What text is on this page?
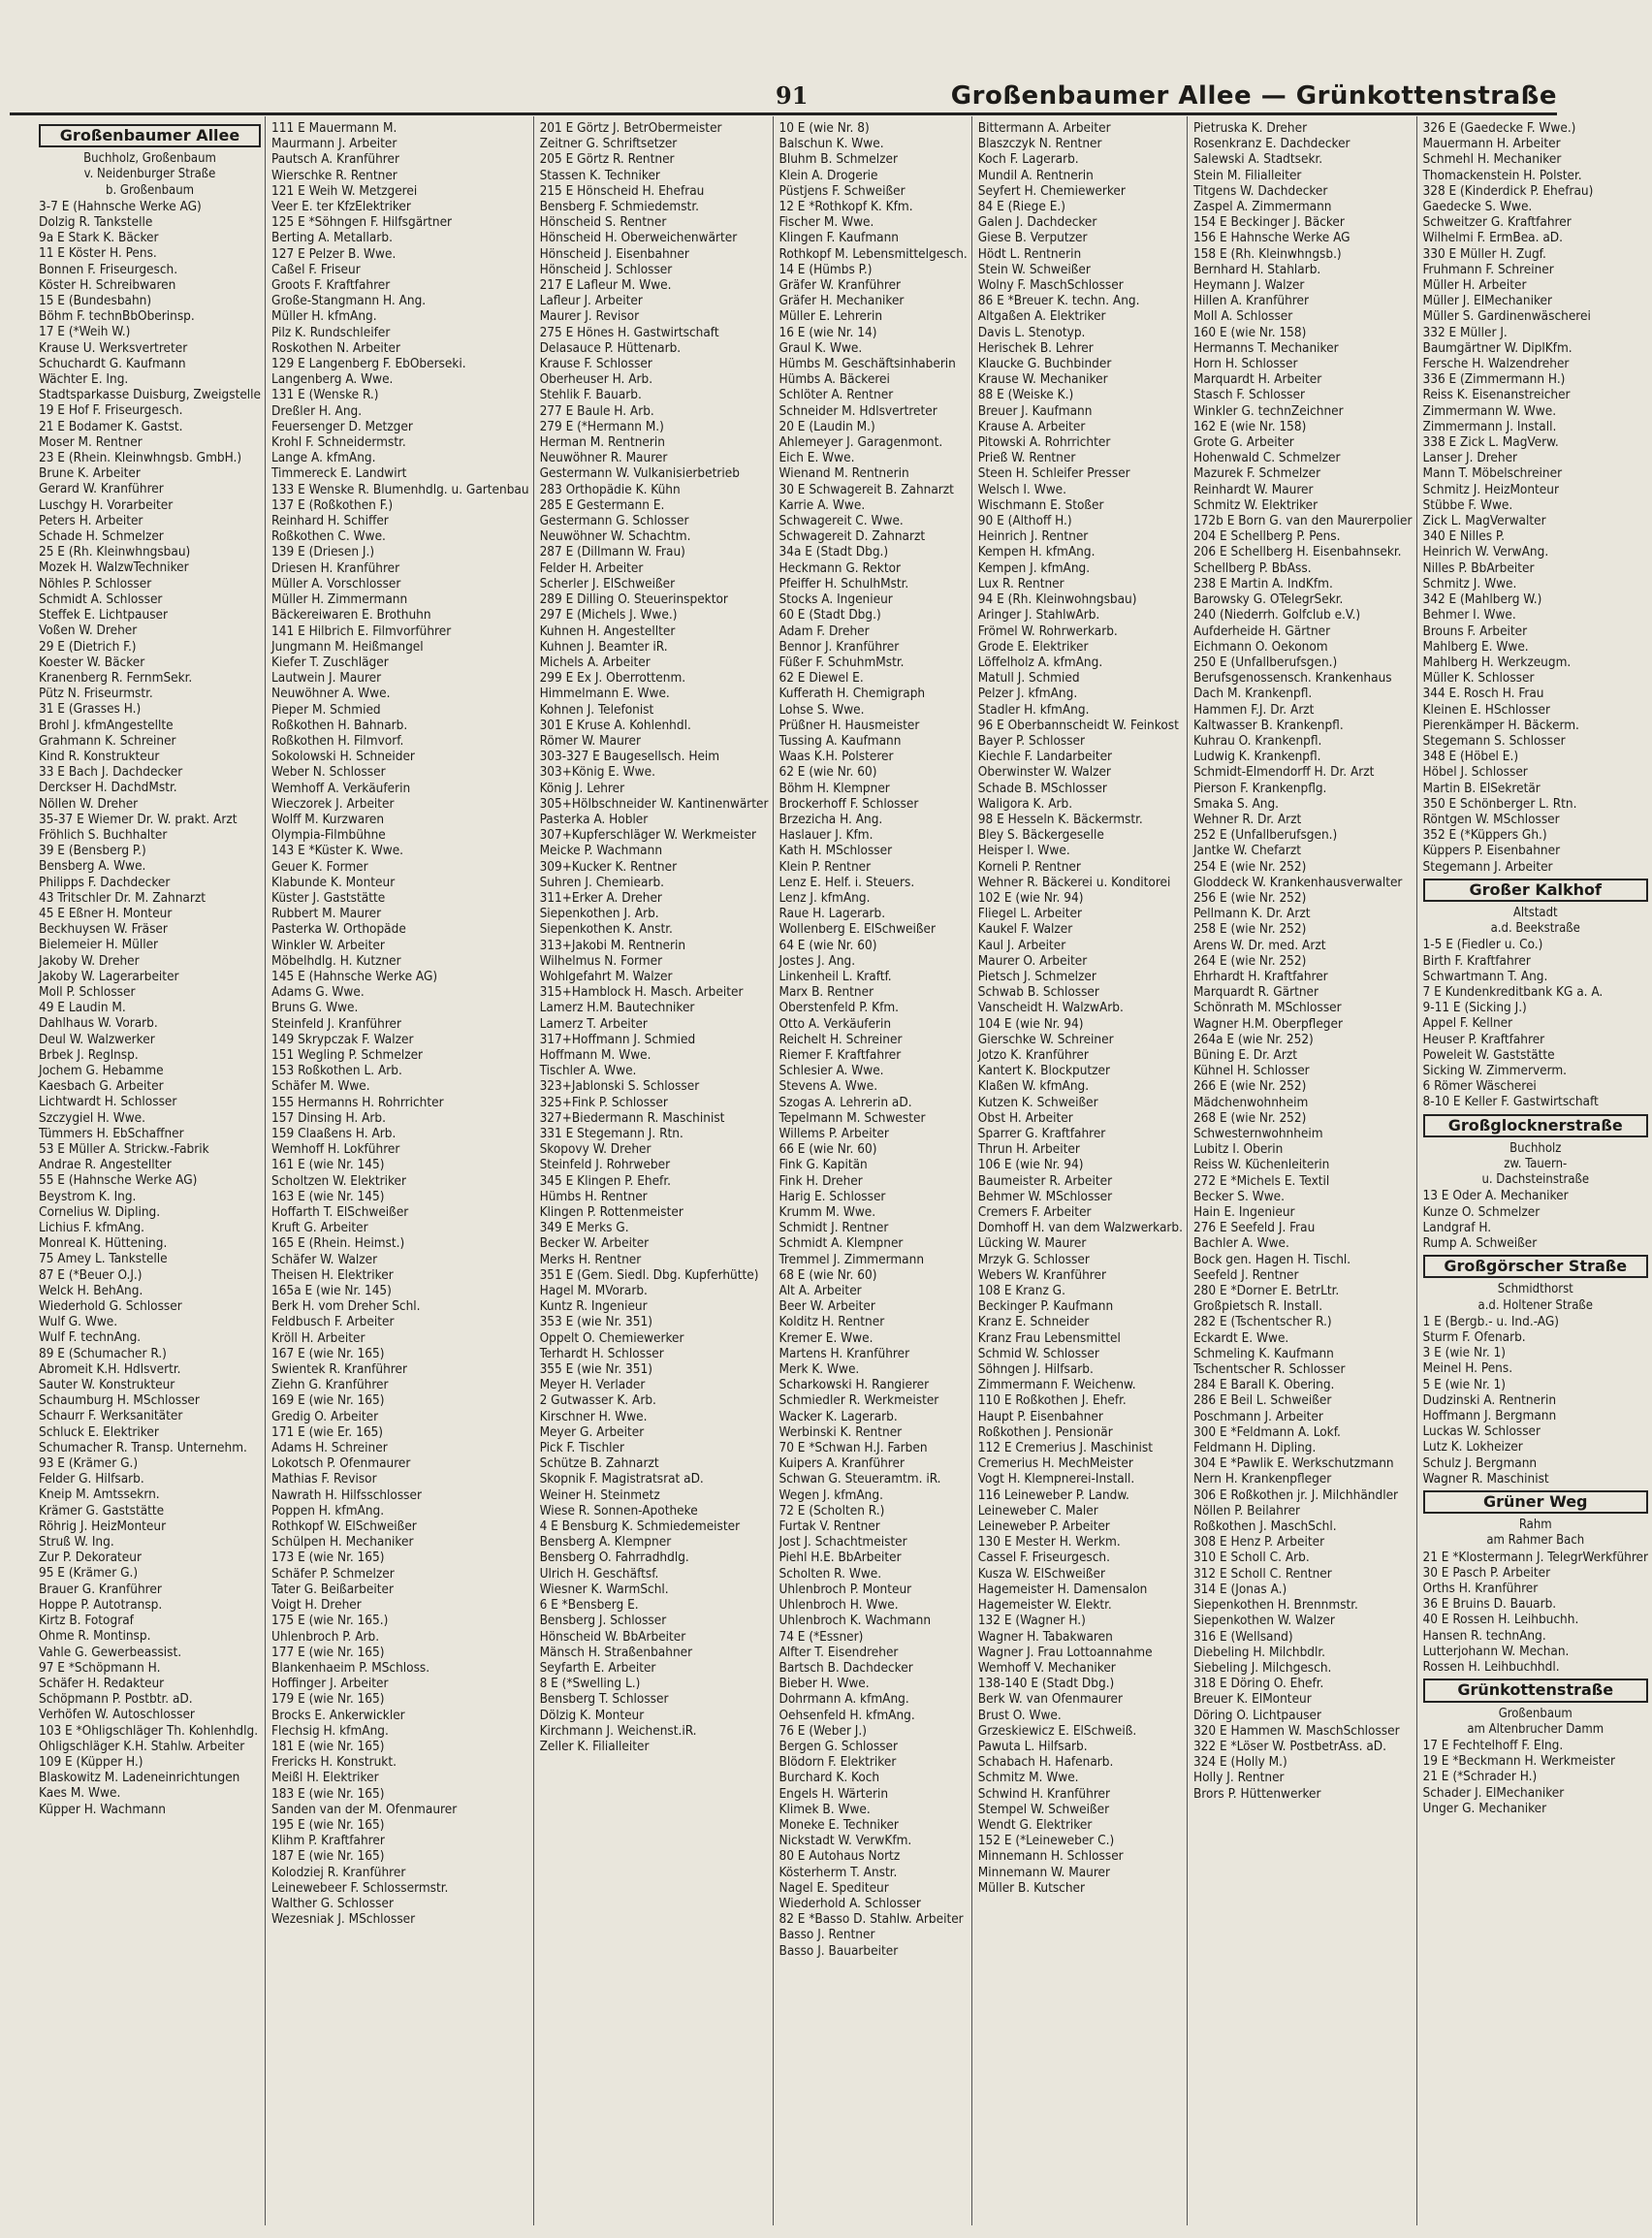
91	Großenbaumer Allee — Grünkottenstraße
Großenbaumer Allee
Buchholz, Großenbaum
v. Neidenburger Straße
b. Großenbaum
3-7 E (Hahnsche Werke AG)
Dolzig R. Tankstelle
9a E Stark K. Bäcker
11 E Köster H. Pens.
Bonnen F. Friseurgesch.
Köster H. Schreibwaren
15 E (Bundesbahn)
Böhm F. technBbOberinsp.
17 E (*Weih W.)
Krause U. Werksvertreter
Schuchardt G. Kaufmann
Wächter E. Ing.
Stadtsparkasse Duisburg, Zweigstelle
19 E Hof F. Friseurgesch.
21 E Bodamer K. Gastst.
Moser M. Rentner
23 E (Rhein. Kleinwhngsb. GmbH.)
Brune K. Arbeiter
Gerard W. Kranführer
Luschgy H. Vorarbeiter
Peters H. Arbeiter
Schade H. Schmelzer
25 E (Rh. Kleinwhngsbau)
Mozek H. WalzwTechniker
Nöhles P. Schlosser
Schmidt A. Schlosser
Steffek E. Lichtpauser
Voßen W. Dreher
29 E (Dietrich F.)
Koester W. Bäcker
Kranenberg R. FernmSekr.
Pütz N. Friseurmstr.
31 E (Grasses H.)
Brohl J. kfmAngestellte
Grahmann K. Schreiner
Kind R. Konstrukteur
33 E Bach J. Dachdecker
Derckser H. DachdMstr.
Nöllen W. Dreher
35-37 E Wiemer Dr. W. prakt. Arzt
Fröhlich S. Buchhalter
39 E (Bensberg P.)
Bensberg A. Wwe.
Philipps F. Dachdecker
43 Tritschler Dr. M. Zahnarzt
45 E Eßner H. Monteur
Beckhuysen W. Fräser
Bielemeier H. Müller
Jakoby W. Dreher
Jakoby W. Lagerarbeiter
Moll P. Schlosser
49 E Laudin M.
Dahlhaus W. Vorarb.
Deul W. Walzwerker
Brbek J. Reglnsp.
Jochem G. Hebamme
Kaesbach G. Arbeiter
Lichtwardt H. Schlosser
Szczygiel H. Wwe.
Tümmers H. EbSchaffner
53 E Müller A. Strickw.-Fabrik
Andrae R. Angestellter
55 E (Hahnsche Werke AG)
Beystrom K. Ing.
Cornelius W. Dipling.
Lichius F. kfmAng.
Monreal K. Hüttening.
75 Amey L. Tankstelle
87 E (*Beuer O.J.)
Welck H. BehAng.
Wiederhold G. Schlosser
Wulf G. Wwe.
Wulf F. technAng.
89 E (Schumacher R.)
Abromeit K.H. Hdlsvertr.
Sauter W. Konstrukteur
Schaumburg H. MSchlosser
Schaurr F. Werksanitäter
Schluck E. Elektriker
Schumacher R. Transp. Unternehm.
93 E (Krämer G.)
Felder G. Hilfsarb.
Kneip M. Amtssekrn.
Krämer G. Gaststätte
Röhrig J. HeizMonteur
Struß W. Ing.
Zur P. Dekorateur
95 E (Krämer G.)
Brauer G. Kranführer
Hoppe P. Autotransp.
Kirtz B. Fotograf
Ohme R. Montinsp.
Vahle G. Gewerbeassist.
97 E *Schöpmann H.
Schäfer H. Redakteur
Schöpmann P. Postbtr. aD.
Verhöfen W. Autoschlosser
103 E *Ohligschläger Th. Kohlenhdlg.
Ohligschläger K.H. Stahlw. Arbeiter
109 E (Küpper H.)
Blaskowitz M. Ladeneinrichtungen
Kaes M. Wwe.
Küpper H. Wachmann
111 E Mauermann M.
Maurmann J. Arbeiter
Pautsch A. Kranführer
Wierschke R. Rentner
121 E Weih W. Metzgerei
Veer E. ter KfzElektriker
125 E *Söhngen F. Hilfsgärtner
Berting A. Metallarb.
127 E Pelzer B. Wwe.
Caßel F. Friseur
Groots F. Kraftfahrer
Große-Stangmann H. Ang.
Müller H. kfmAng.
Pilz K. Rundschleifer
Roskothen N. Arbeiter
129 E Langenberg F. EbOberseki.
Langenberg A. Wwe.
131 E (Wenske R.)
Dreßler H. Ang.
Feuersenger D. Metzger
Krohl F. Schneidermstr.
Lange A. kfmAng.
Timmereck E. Landwirt
133 E Wenske R. Blumenhdlg. u. Gartenbau
137 E (Roßkothen F.)
Reinhard H. Schiffer
Roßkothen C. Wwe.
139 E (Driesen J.)
Driesen H. Kranführer
Müller A. Vorschlosser
Müller H. Zimmermann
Bäckereiwaren E. Brothuhn
141 E Hilbrich E. Filmvorführer
Jungmann M. Heißmangel
Kiefer T. Zuschläger
Lautwein J. Maurer
Neuwöhner A. Wwe.
Pieper M. Schmied
Roßkothen H. Bahnarb.
Roßkothen H. Filmvorf.
Sokolowski H. Schneider
Weber N. Schlosser
Wemhoff A. Verkäuferin
Wieczorek J. Arbeiter
Wolff M. Kurzwaren
Olympia-Filmbühne
143 E *Küster K. Wwe.
Geuer K. Former
Klabunde K. Monteur
Küster J. Gaststätte
Rubbert M. Maurer
Pasterka W. Orthopäde
Winkler W. Arbeiter
Möbelhdlg. H. Kutzner
145 E (Hahnsche Werke AG)
Adams G. Wwe.
Bruns G. Wwe.
Steinfeld J. Kranführer
149 Skrypczak F. Walzer
151 Wegling P. Schmelzer
153 Roßkothen L. Arb.
Schäfer M. Wwe.
155 Hermanns H. Rohrrichter
157 Dinsing H. Arb.
159 Claaßens H. Arb.
Wemhoff H. Lokführer
161 E (wie Nr. 145)
Scholtzen W. Elektriker
163 E (wie Nr. 145)
Hoffarth T. ElSchweißer
Kruft G. Arbeiter
165 E (Rhein. Heimst.)
Schäfer W. Walzer
Theisen H. Elektriker
165a E (wie Nr. 145)
Berk H. vom Dreher Schl.
Feldbusch F. Arbeiter
Kröll H. Arbeiter
167 E (wie Nr. 165)
Swientek R. Kranführer
Ziehn G. Kranführer
169 E (wie Nr. 165)
Gredig O. Arbeiter
171 E (wie Er. 165)
Adams H. Schreiner
Lokotsch P. Ofenmaurer
Mathias F. Revisor
Nawrath H. Hilfsschlosser
Poppen H. kfmAng.
Rothkopf W. ElSchweißer
Schülpen H. Mechaniker
173 E (wie Nr. 165)
Schäfer P. Schmelzer
Tater G. Beißarbeiter
Voigt H. Dreher
175 E (wie Nr. 165.)
Uhlenbroch P. Arb.
177 E (wie Nr. 165)
Blankenhaeim P. MSchloss.
Hoffinger J. Arbeiter
179 E (wie Nr. 165)
Brocks E. Ankerwickler
Flechsig H. kfmAng.
181 E (wie Nr. 165)
Frericks H. Konstrukt.
Meißl H. Elektriker
183 E (wie Nr. 165)
Sanden van der M. Ofenmaurer
195 E (wie Nr. 165)
Klihm P. Kraftfahrer
187 E (wie Nr. 165)
Kolodziej R. Kranführer
Leinewebeer F. Schlossermstr.
Walther G. Schlosser
Wezesniak J. MSchlosser
201 E Görtz J. BetrObermeister
Zeitner G. Schriftsetzer
205 E Görtz R. Rentner
Stassen K. Techniker
215 E Hönscheid H. Ehefrau
Bensberg F. Schmiedemstr.
Hönscheid S. Rentner
Hönscheid H. Oberweichenwärter
Hönscheid J. Eisenbahner
Hönscheid J. Schlosser
217 E Lafleur M. Wwe.
Lafleur J. Arbeiter
Maurer J. Revisor
275 E Hönes H. Gastwirtschaft
Delasauce P. Hüttenarb.
Krause F. Schlosser
Oberheuser H. Arb.
Stehlik F. Bauarb.
277 E Baule H. Arb.
279 E (*Hermann M.)
Herman M. Rentnerin
Neuwöhner R. Maurer
Gestermann W. Vulkanisierbetrieb
283 Orthopädie K. Kühn
285 E Gestermann E.
Gestermann G. Schlosser
Neuwöhner W. Schachtm.
287 E (Dillmann W. Frau)
Felder H. Arbeiter
Scherler J. ElSchweißer
289 E Dilling O. Steuerinspektor
297 E (Michels J. Wwe.)
Kuhnen H. Angestellter
Kuhnen J. Beamter iR.
Michels A. Arbeiter
299 E Ex J. Oberrottenm.
Himmelmann E. Wwe.
Kohnen J. Telefonist
301 E Kruse A. Kohlenhdl.
Römer W. Maurer
303-327 E Baugesellsch. Heim
303+König E. Wwe.
König J. Lehrer
305+Hölbschneider W. Kantinenwärter
Pasterka A. Hobler
307+Kupferschläger W. Werkmeister
Meicke P. Wachmann
309+Kucker K. Rentner
Suhren J. Chemiearb.
311+Erker A. Dreher
Siepenkothen J. Arb.
Siepenkothen K. Anstr.
313+Jakobi M. Rentnerin
Wilhelmus N. Former
Wohlgefahrt M. Walzer
315+Hamblock H. Masch. Arbeiter
Lamerz H.M. Bautechniker
Lamerz T. Arbeiter
317+Hoffmann J. Schmied
Hoffmann M. Wwe.
Tischler A. Wwe.
323+Jablonski S. Schlosser
325+Fink P. Schlosser
327+Biedermann R. Maschinist
331 E Stegemann J. Rtn.
Skopovy W. Dreher
Steinfeld J. Rohrweber
345 E Klingen P. Ehefr.
Hümbs H. Rentner
Klingen P. Rottenmeister
349 E Merks G.
Becker W. Arbeiter
Merks H. Rentner
351 E (Gem. Siedl. Dbg. Kupferhütte)
Hagel M. MVorarb.
Kuntz R. Ingenieur
353 E (wie Nr. 351)
Oppelt O. Chemiewerker
Terhardt H. Schlosser
355 E (wie Nr. 351)
Meyer H. Verlader
2 Gutwasser K. Arb.
Kirschner H. Wwe.
Meyer G. Arbeiter
Pick F. Tischler
Schütze B. Zahnarzt
Skopnik F. Magistratsrat aD.
Weiner H. Steinmetz
Wiese R. Sonnen-Apotheke
4 E Bensburg K. Schmiedemeister
Bensberg A. Klempner
Bensberg O. Fahrradhdlg.
Ulrich H. Geschäftsf.
Wiesner K. WarmSchl.
6 E *Bensberg E.
Bensberg J. Schlosser
Hönscheid W. BbArbeiter
Mänsch H. Straßenbahner
Seyfarth E. Arbeiter
8 E (*Swelling L.)
Bensberg T. Schlosser
Dölzig K. Monteur
Kirchmann J. Weichenst.iR.
Zeller K. Filialleiter
10 E (wie Nr. 8)
Balschun K. Wwe.
Bluhm B. Schmelzer
Klein A. Drogerie
Püstjens F. Schweißer
12 E *Rothkopf K. Kfm.
Fischer M. Wwe.
Klingen F. Kaufmann
Rothkopf M. Lebensmittelgesch.
14 E (Hümbs P.)
Gräfer W. Kranführer
Gräfer H. Mechaniker
Müller E. Lehrerin
16 E (wie Nr. 14)
Graul K. Wwe.
Hümbs M. Geschäftsinhaberin
Hümbs A. Bäckerei
Schlöter A. Rentner
Schneider M. Hdlsvertreter
20 E (Laudin M.)
Ahlemeyer J. Garagenmont.
Eich E. Wwe.
Wienand M. Rentnerin
30 E Schwagereit B. Zahnarzt
Karrie A. Wwe.
Schwagereit C. Wwe.
Schwagereit D. Zahnarzt
34a E (Stadt Dbg.)
Heckmann G. Rektor
Pfeiffer H. SchulhMstr.
Stocks A. Ingenieur
60 E (Stadt Dbg.)
Adam F. Dreher
Bennor J. Kranführer
Füßer F. SchuhmMstr.
62 E Diewel E.
Kufferath H. Chemigraph
Lohse S. Wwe.
Prüßner H. Hausmeister
Tussing A. Kaufmann
Waas K.H. Polsterer
62 E (wie Nr. 60)
Böhm H. Klempner
Brockerhoff F. Schlosser
Brzezicha H. Ang.
Haslauer J. Kfm.
Kath H. MSchlosser
Klein P. Rentner
Lenz E. Helf. i. Steuers.
Lenz J. kfmAng.
Raue H. Lagerarb.
Wollenberg E. ElSchweißer
64 E (wie Nr. 60)
Jostes J. Ang.
Linkenheil L. Kraftf.
Marx B. Rentner
Oberstenfeld P. Kfm.
Otto A. Verkäuferin
Reichelt H. Schreiner
Riemer F. Kraftfahrer
Schlesier A. Wwe.
Stevens A. Wwe.
Szogas A. Lehrerin aD.
Tepelmann M. Schwester
Willems P. Arbeiter
66 E (wie Nr. 60)
Fink G. Kapitän
Fink H. Dreher
Harig E. Schlosser
Krumm M. Wwe.
Schmidt J. Rentner
Schmidt A. Klempner
Tremmel J. Zimmermann
68 E (wie Nr. 60)
Alt A. Arbeiter
Beer W. Arbeiter
Kolditz H. Rentner
Kremer E. Wwe.
Martens H. Kranführer
Merk K. Wwe.
Scharkowski H. Rangierer
Schmiedler R. Werkmeister
Wacker K. Lagerarb.
Werbinski K. Rentner
70 E *Schwan H.J. Farben
Kuipers A. Kranführer
Schwan G. Steueramtm. iR.
Wegen J. kfmAng.
72 E (Scholten R.)
Furtak V. Rentner
Jost J. Schachtmeister
Piehl H.E. BbArbeiter
Scholten R. Wwe.
Uhlenbroch P. Monteur
Uhlenbroch H. Wwe.
Uhlenbroch K. Wachmann
74 E (*Essner)
Alfter T. Eisendreher
Bartsch B. Dachdecker
Bieber H. Wwe.
Dohrmann A. kfmAng.
Oehsenfeld H. kfmAng.
76 E (Weber J.)
Bergen G. Schlosser
Blödorn F. Elektriker
Burchard K. Koch
Engels H. Wärterin
Klimek B. Wwe.
Moneke E. Techniker
Nickstadt W. VerwKfm.
80 E Autohaus Nortz
Kösterherm T. Anstr.
Nagel E. Spediteur
Wiederhold A. Schlosser
82 E *Basso D. Stahlw. Arbeiter
Basso J. Rentner
Basso J. Bauarbeiter
Bittermann A. Arbeiter
Blaszczyk N. Rentner
Koch F. Lagerarb.
Mundil A. Rentnerin
Seyfert H. Chemiewerker
84 E (Riege E.)
Galen J. Dachdecker
Giese B. Verputzer
Hödt L. Rentnerin
Stein W. Schweißer
Wolny F. MaschSchlosser
86 E *Breuer K. techn. Ang.
Altgaßen A. Elektriker
Davis L. Stenotyp.
Herischek B. Lehrer
Klaucke G. Buchbinder
Krause W. Mechaniker
88 E (Weiske K.)
Breuer J. Kaufmann
Krause A. Arbeiter
Pitowski A. Rohrrichter
Prieß W. Rentner
Steen H. Schleifer Presser
Welsch I. Wwe.
Wischmann E. Stoßer
90 E (Althoff H.)
Heinrich J. Rentner
Kempen H. kfmAng.
Kempen J. kfmAng.
Lux R. Rentner
94 E (Rh. Kleinwohngsbau)
Aringer J. StahlwArb.
Frömel W. Rohrwerkarb.
Grode E. Elektriker
Löffelholz A. kfmAng.
Matull J. Schmied
Pelzer J. kfmAng.
Stadler H. kfmAng.
96 E Oberbannscheidt W. Feinkost
Bayer P. Schlosser
Kiechle F. Landarbeiter
Oberwinster W. Walzer
Schade B. MSchlosser
Waligora K. Arb.
98 E Hesseln K. Bäckermstr.
Bley S. Bäckergeselle
Heisper I. Wwe.
Korneli P. Rentner
Wehner R. Bäckerei u. Konditorei
102 E (wie Nr. 94)
Fliegel L. Arbeiter
Kaukel F. Walzer
Kaul J. Arbeiter
Maurer O. Arbeiter
Pietsch J. Schmelzer
Schwab B. Schlosser
Vanscheidt H. WalzwArb.
104 E (wie Nr. 94)
Gierschke W. Schreiner
Jotzo K. Kranführer
Kantert K. Blockputzer
Klaßen W. kfmAng.
Kutzen K. Schweißer
Obst H. Arbeiter
Sparrer G. Kraftfahrer
Thrun H. Arbeiter
106 E (wie Nr. 94)
Baumeister R. Arbeiter
Behmer W. MSchlosser
Cremers F. Arbeiter
Domhoff H. van dem Walzwerkarb.
Lücking W. Maurer
Mrzyk G. Schlosser
Webers W. Kranführer
108 E Kranz G.
Beckinger P. Kaufmann
Kranz E. Schneider
Kranz Frau Lebensmittel
Schmid W. Schlosser
Söhngen J. Hilfsarb.
Zimmermann F. Weichenw.
110 E Roßkothen J. Ehefr.
Haupt P. Eisenbahner
Roßkothen J. Pensionär
112 E Cremerius J. Maschinist
Cremerius H. MechMeister
Vogt H. Klempnerei-Install.
116 Leineweber P. Landw.
Leineweber C. Maler
Leineweber P. Arbeiter
130 E Mester H. Werkm.
Cassel F. Friseurgesch.
Kusza W. ElSchweißer
Hagemeister H. Damensalon
Hagemeister W. Elektr.
132 E (Wagner H.)
Wagner H. Tabakwaren
Wagner J. Frau Lottoannahme
Wemhoff V. Mechaniker
138-140 E (Stadt Dbg.)
Berk W. van Ofenmaurer
Brust O. Wwe.
Grzeskiewicz E. ElSchweiß.
Pawuta L. Hilfsarb.
Schabach H. Hafenarb.
Schmitz M. Wwe.
Schwind H. Kranführer
Stempel W. Schweißer
Wendt G. Elektriker
152 E (*Leineweber C.)
Minnemann H. Schlosser
Minnemann W. Maurer
Müller B. Kutscher
Pietruska K. Dreher
Rosenkranz E. Dachdecker
Salewski A. Stadtsekr.
Stein M. Filialleiter
Titgens W. Dachdecker
Zaspel A. Zimmermann
154 E Beckinger J. Bäcker
156 E Hahnsche Werke AG
158 E (Rh. Kleinwhngsb.)
Bernhard H. Stahlarb.
Heymann J. Walzer
Hillen A. Kranführer
Moll A. Schlosser
160 E (wie Nr. 158)
Hermanns T. Mechaniker
Horn H. Schlosser
Marquardt H. Arbeiter
Stasch F. Schlosser
Winkler G. technZeichner
162 E (wie Nr. 158)
Grote G. Arbeiter
Hohenwald C. Schmelzer
Mazurek F. Schmelzer
Reinhardt W. Maurer
Schmitz W. Elektriker
172b E Born G. van den Maurerpolier
204 E Schellberg P. Pens.
206 E Schellberg H. Eisenbahnsekr.
Schellberg P. BbAss.
238 E Martin A. IndKfm.
Barowsky G. OTelegrSekr.
240 (Niederrh. Golfclub e.V.)
Aufderheide H. Gärtner
Eichmann O. Oekonom
250 E (Unfallberufsgen.)
Berufsgenossensch. Krankenhaus
Dach M. Krankenpfl.
Hammen F.J. Dr. Arzt
Kaltwasser B. Krankenpfl.
Kuhrau O. Krankenpfl.
Ludwig K. Krankenpfl.
Schmidt-Elmendorff H. Dr. Arzt
Pierson F. Krankenpflg.
Smaka S. Ang.
Wehner R. Dr. Arzt
252 E (Unfallberufsgen.)
Jantke W. Chefarzt
254 E (wie Nr. 252)
Gloddeck W. Krankenhausverwalter
256 E (wie Nr. 252)
Pellmann K. Dr. Arzt
258 E (wie Nr. 252)
Arens W. Dr. med. Arzt
264 E (wie Nr. 252)
Ehrhardt H. Kraftfahrer
Marquardt R. Gärtner
Schönrath M. MSchlosser
Wagner H.M. Oberpfleger
264a E (wie Nr. 252)
Büning E. Dr. Arzt
Kühnel H. Schlosser
266 E (wie Nr. 252)
Mädchenwohnheim
268 E (wie Nr. 252)
Schwesternwohnheim
Lubitz I. Oberin
Reiss W. Küchenleiterin
272 E *Michels E. Textil
Becker S. Wwe.
Hain E. Ingenieur
276 E Seefeld J. Frau
Bachler A. Wwe.
Bock gen. Hagen H. Tischl.
Seefeld J. Rentner
280 E *Dorner E. BetrLtr.
Großpietsch R. Install.
282 E (Tschentscher R.)
Eckardt E. Wwe.
Schmeling K. Kaufmann
Tschentscher R. Schlosser
284 E Barall K. Obering.
286 E Beil L. Schweißer
Poschmann J. Arbeiter
300 E *Feldmann A. Lokf.
Feldmann H. Dipling.
304 E *Pawlik E. Werkschutzmann
Nern H. Krankenpfleger
306 E Roßkothen jr. J. Milchhändler
Nöllen P. Beilahrer
Roßkothen J. MaschSchl.
308 E Henz P. Arbeiter
310 E Scholl C. Arb.
312 E Scholl C. Rentner
314 E (Jonas A.)
Siepenkothen H. Brennmstr.
Siepenkothen W. Walzer
316 E (Wellsand)
Diebeling H. Milchbdlr.
Siebeling J. Milchgesch.
318 E Döring O. Ehefr.
Breuer K. ElMonteur
Döring O. Lichtpauser
320 E Hammen W. MaschSchlosser
322 E *Löser W. PostbetrAss. aD.
324 E (Holly M.)
Holly J. Rentner
Brors P. Hüttenwerker
326 E (Gaedecke F. Wwe.)
Mauermann H. Arbeiter
Schmehl H. Mechaniker
Thomackenstein H. Polster.
328 E (Kinderdick P. Ehefrau)
Gaedecke S. Wwe.
Schweitzer G. Kraftfahrer
Wilhelmi F. ErmBea. aD.
330 E Müller H. Zugf.
Fruhmann F. Schreiner
Müller H. Arbeiter
Müller J. ElMechaniker
Müller S. Gardinenwäscherei
332 E Müller J.
Baumgärtner W. DiplKfm.
Fersche H. Walzendreher
336 E (Zimmermann H.)
Reiss K. Eisenanstreicher
Zimmermann W. Wwe.
Zimmermann J. Install.
338 E Zick L. MagVerw.
Lanser J. Dreher
Mann T. Möbelschreiner
Schmitz J. HeizMonteur
Stübbe F. Wwe.
Zick L. MagVerwalter
340 E Nilles P.
Heinrich W. VerwAng.
Nilles P. BbArbeiter
Schmitz J. Wwe.
342 E (Mahlberg W.)
Behmer I. Wwe.
Brouns F. Arbeiter
Mahlberg E. Wwe.
Mahlberg H. Werkzeugm.
Müller K. Schlosser
344 E. Rosch H. Frau
Kleinen E. HSchlosser
Pierenkämper H. Bäckerm.
Stegemann S. Schlosser
348 E (Höbel E.)
Höbel J. Schlosser
Martin B. ElSekretär
350 E Schönberger L. Rtn.
Röntgen W. MSchlosser
352 E (*Küppers Gh.)
Küppers P. Eisenbahner
Stegemann J. Arbeiter
Großer Kalkhof
Altstadt
a.d. Beekstraße
1-5 E (Fiedler u. Co.)
Birth F. Kraftfahrer
Schwartmann T. Ang.
7 E Kundenkreditbank KG a. A.
9-11 E (Sicking J.)
Appel F. Kellner
Heuser P. Kraftfahrer
Poweleit W. Gaststätte
Sicking W. Zimmerverm.
6 Römer Wäscherei
8-10 E Keller F. Gastwirtschaft
Großglocknerstraße
Buchholz
zw. Tauern-
u. Dachsteinstraße
13 E Oder A. Mechaniker
Kunze O. Schmelzer
Landgraf H.
Rump A. Schweißer
Großgörscher Straße
Schmidthorst
a.d. Holtener Straße
1 E (Bergb.- u. Ind.-AG)
Sturm F. Ofenarb.
3 E (wie Nr. 1)
Meinel H. Pens.
5 E (wie Nr. 1)
Dudzinski A. Rentnerin
Hoffmann J. Bergmann
Luckas W. Schlosser
Lutz K. Lokheizer
Schulz J. Bergmann
Wagner R. Maschinist
Grüner Weg
Rahm
am Rahmer Bach
21 E *Klostermann J. TelegrWerkführer
30 E Pasch P. Arbeiter
Orths H. Kranführer
36 E Bruins D. Bauarb.
40 E Rossen H. Leihbuchh.
Hansen R. technAng.
Lutterjohann W. Mechan.
Rossen H. Leihbuchhdl.
Grünkottenstraße
Großenbaum
am Altenbrucher Damm
17 E Fechtelhoff F. Elng.
19 E *Beckmann H. Werkmeister
21 E (*Schrader H.)
Schader J. ElMechaniker
Unger G. Mechaniker
